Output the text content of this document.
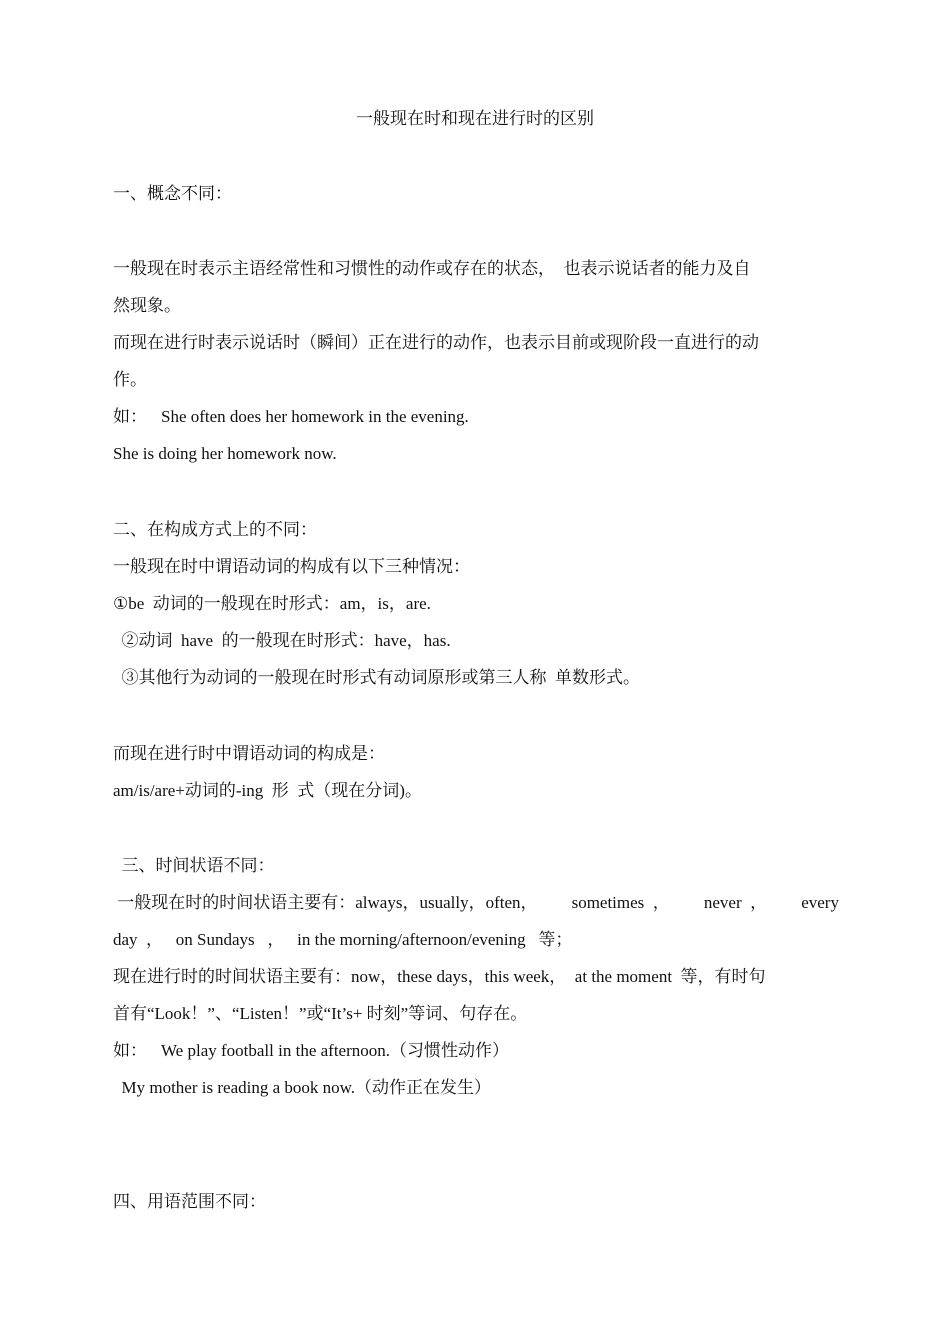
一般现在时和现在进行时的区别
一、概念不同：
一般现在时表示主语经常性和习惯性的动作或存在的状态，　也表示说话者的能力及自
然现象。
而现在进行时表示说话时（瞬间）正在进行的动作，也表示目前或现阶段一直进行的动
作。
如： She often does her homework in the evening.
She is doing her homework now.
二、在构成方式上的不同：
一般现在时中谓语动词的构成有以下三种情况：
①be  动词的一般现在时形式：am，is，are.
②动词  have  的一般现在时形式：have，has.
③其他行为动词的一般现在时形式有动词原形或第三人称  单数形式。
而现在进行时中谓语动词的构成是：
am/is/are+动词的-ing  形  式（现在分词)。
三、时间状语不同：
一般现在时的时间状语主要有：always，usually，often， sometimes  ， never  ， every
day  ，   on Sundays   ，   in the morning/afternoon/evening   等；
现在进行时的时间状语主要有：now，these days，this week，  at the moment  等，有时句
首有“Look！”、“Listen！”或“It’s+ 时刻”等词、句存在。
如： We play football in the afternoon.（习惯性动作）
My mother is reading a book now.（动作正在发生）
四、用语范围不同：
